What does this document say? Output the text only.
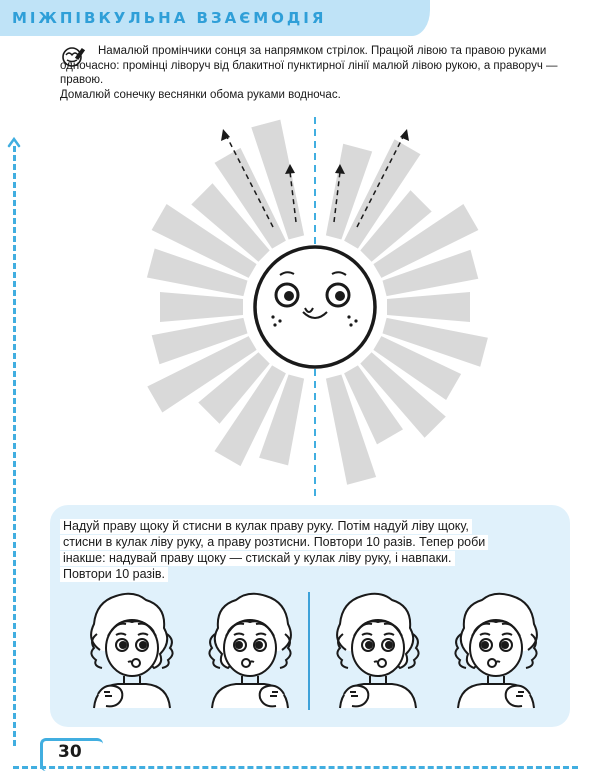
МІЖПІВКУЛЬНА ВЗАЄМОДІЯ
Намалюй промінчики сонця за напрямком стрілок. Працюй лівою та правою руками одночасно: промінці ліворуч від блакитної пунктирної лінії малюй лівою рукою, а праворуч — правою.
Домалюй сонечку веснянки обома руками водночас.
Надуй праву щоку й стисни в кулак праву руку. Потім надуй ліву щоку,
стисни в кулак ліву руку, а праву розтисни. Повтори 10 разів. Тепер роби
інакше: надувай праву щоку — стискай у кулак ліву руку, і навпаки.
Повтори 10 разів.
30
